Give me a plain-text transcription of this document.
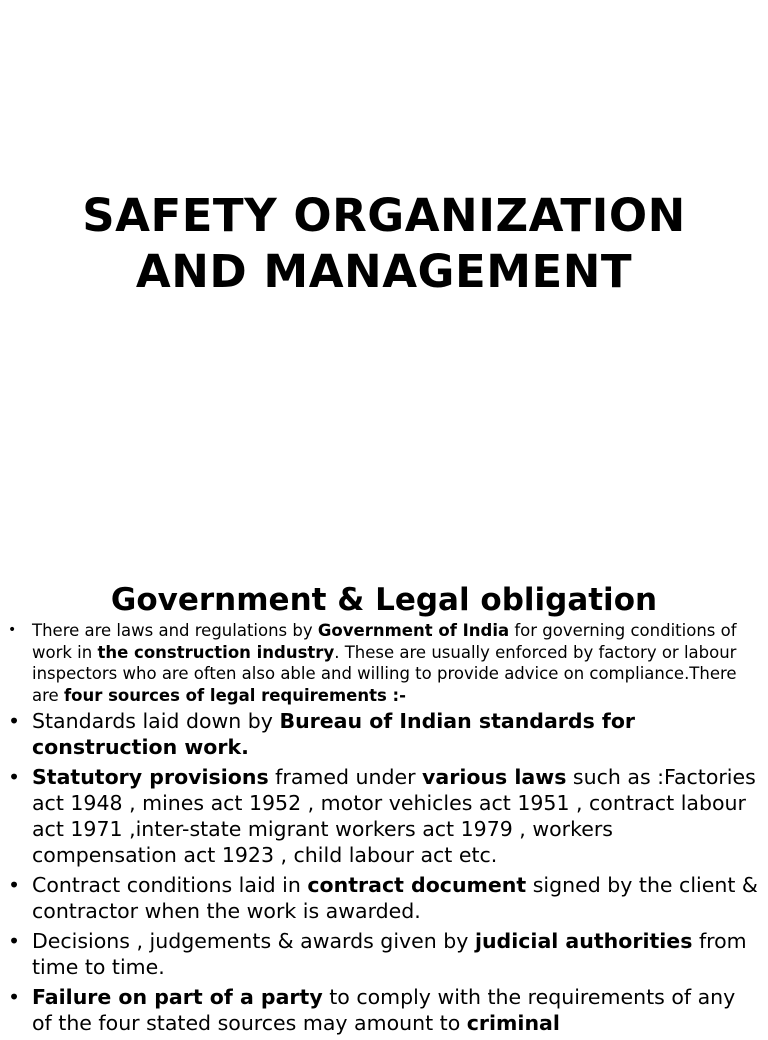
SAFETY ORGANIZATION
AND MANAGEMENT
Government & Legal obligation
• There are laws and regulations by Government of India for governing conditions of work in the construction industry. These are usually enforced by factory or labour inspectors who are often also able and willing to provide advice on compliance.There are four sources of legal requirements :-
• Standards laid down by Bureau of Indian standards for construction work.
• Statutory provisions framed under various laws such as :Factories act 1948 , mines act 1952 , motor vehicles act 1951 , contract labour act 1971 ,inter-state migrant workers act 1979 , workers compensation act 1923 , child labour act etc.
• Contract conditions laid in contract document signed by the client & contractor when the work is awarded.
• Decisions , judgements & awards given by judicial authorities from time to time.
• Failure on part of a party to comply with the requirements of any of the four stated sources may amount to criminal
